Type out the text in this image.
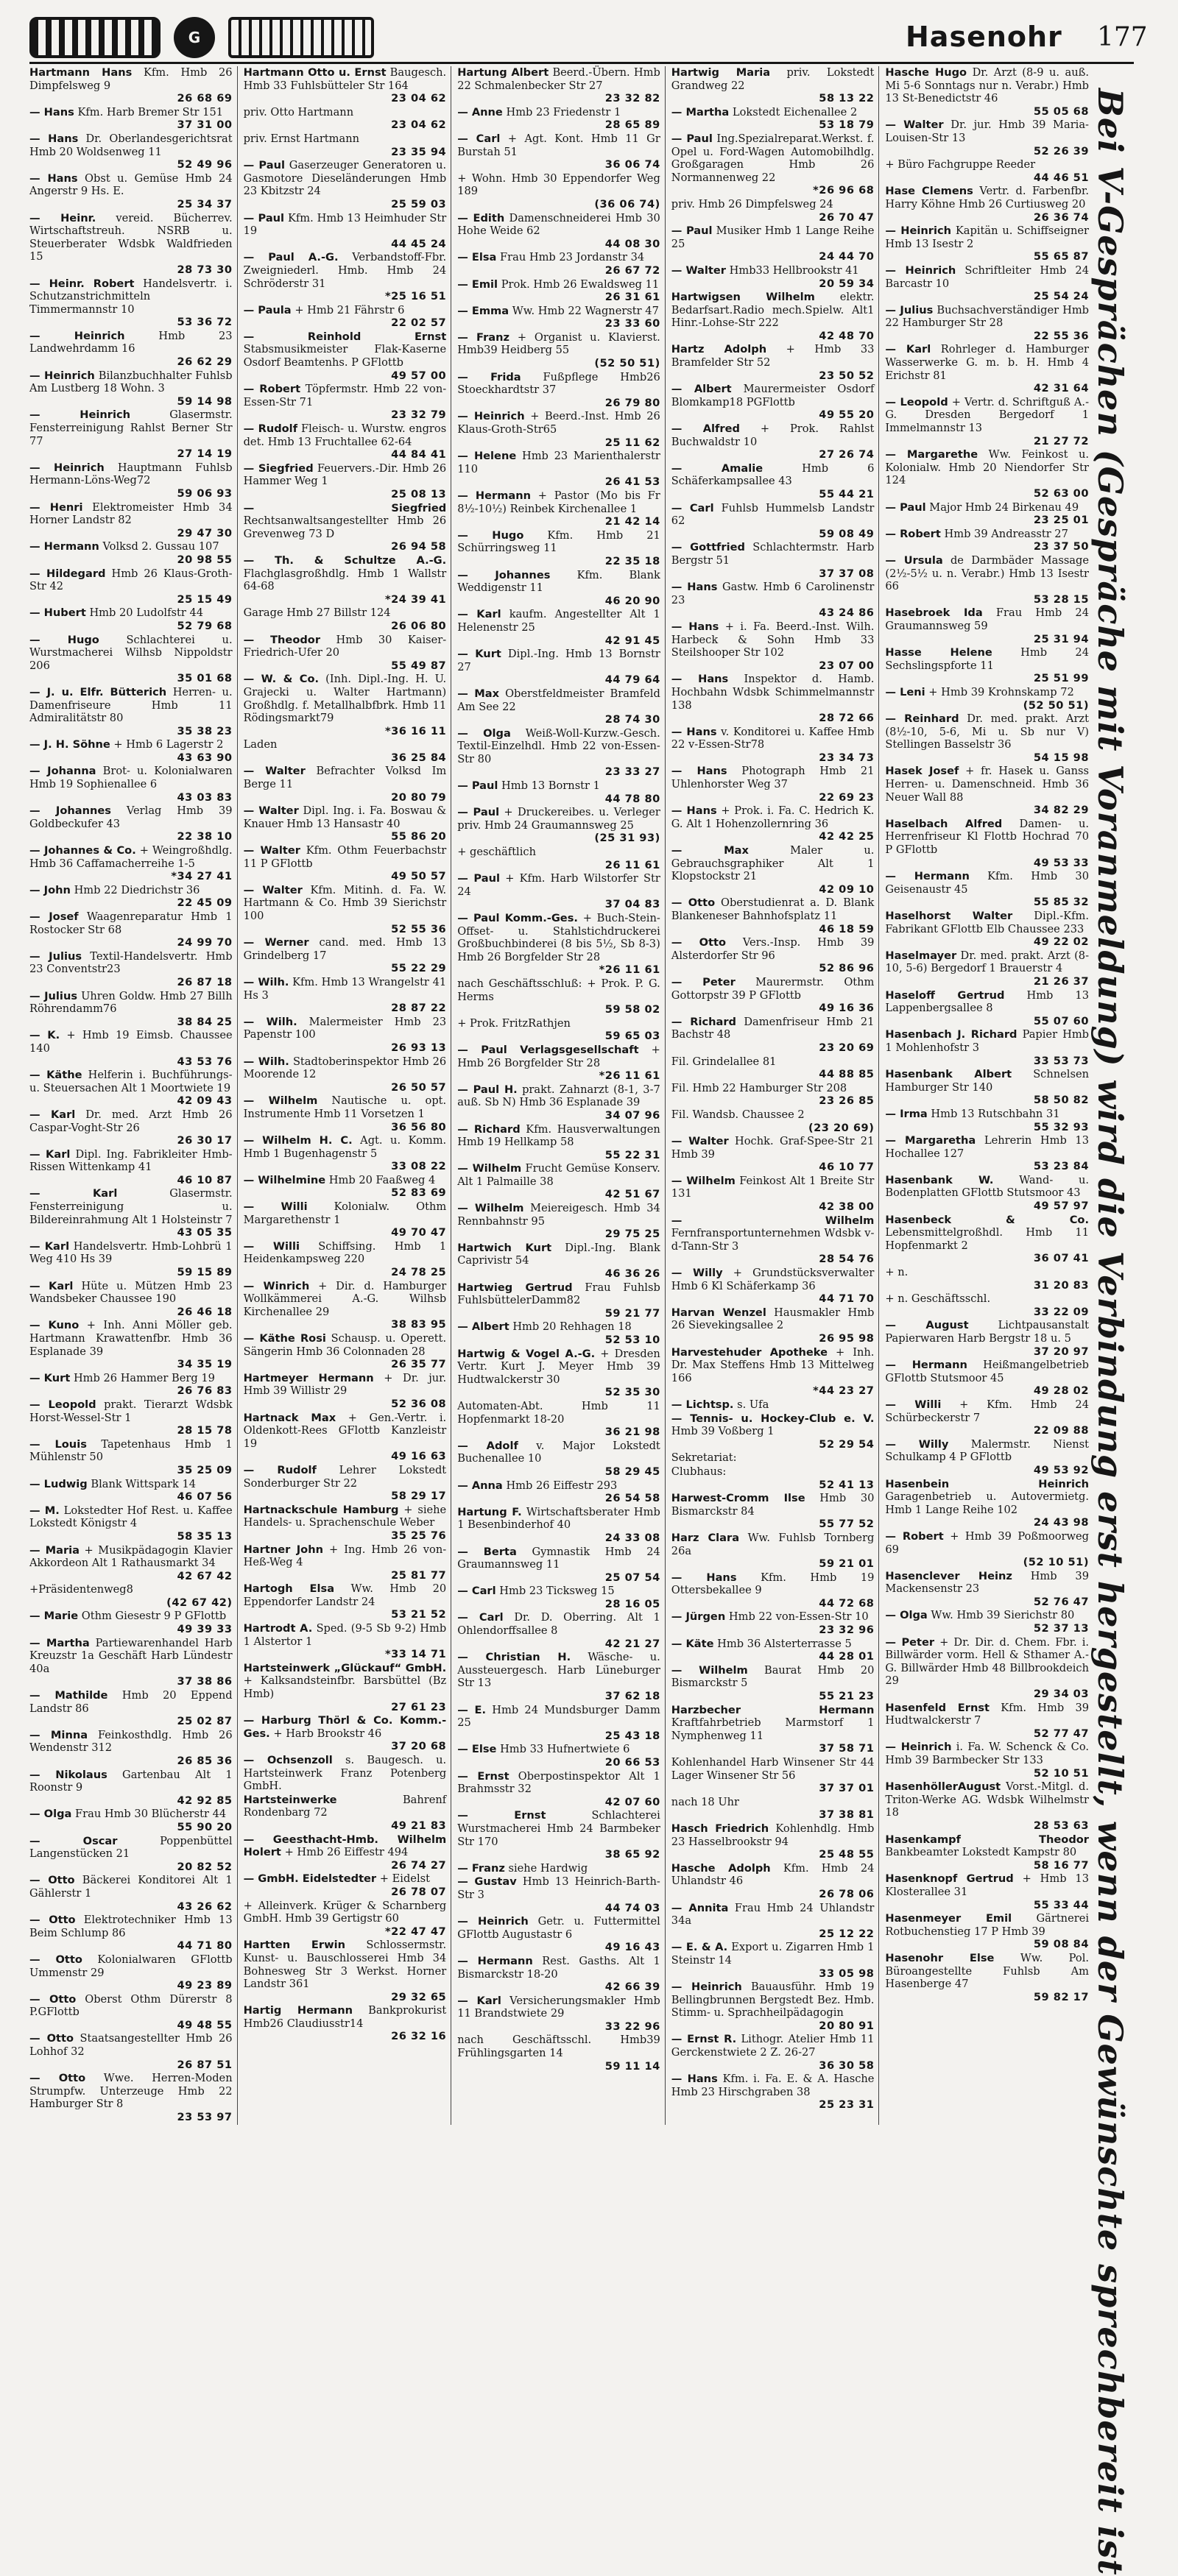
G	Hasenohr 177
Hartmann Hans Kfm. Hmb 26 Dimpfelsweg 9
26 68 69
— Hans Kfm. Harb Bremer Str 151
37 31 00
— Hans Dr. Oberlandesgerichtsrat Hmb 20 Woldsenweg 11
52 49 96
— Hans Obst u. Gemüse Hmb 24 Angerstr 9 Hs. E.
25 34 37
— Heinr. vereid. Bücherrev. Wirtschaftstreuh. NSRB u. Steuerberater Wdsbk Waldfrieden 15
28 73 30
— Heinr. Robert Handelsvertr. i. Schutzanstrichmitteln Timmermannstr 10
53 36 72
— Heinrich	Hmb 23 Landwehrdamm 16
26 62 29
— Heinrich Bilanzbuchhalter Fuhlsb Am Lustberg 18 Wohn. 3
59 14 98
— Heinrich	Glasermstr. Fensterreinigung Rahlst Berner Str 77
27 14 19
— Heinrich Hauptmann Fuhlsb Hermann-Löns-Weg72
59 06 93
— Henri Elektromeister Hmb 34 Horner Landstr 82
29 47 30
— Hermann Volksd 2. Gussau 107
20 98 55
— Hildegard Hmb 26 Klaus-Groth-Str 42
25 15 49
— Hubert Hmb 20 Ludolfstr 44
52 79 68
— Hugo	Schlachterei u. Wurstmacherei Wilhsb Nippoldstr 206
35 01 68
— J. u. Elfr. Bütterich Herren- u. Damenfriseure Hmb 11 Admiralitätstr 80
35 38 23
— J. H. Söhne + Hmb 6 Lagerstr 2
43 63 90
— Johanna Brot- u. Kolonialwaren Hmb 19 Sophienallee 6
43 03 83
— Johannes Verlag Hmb 39 Goldbeckufer 43
22 38 10
— Johannes & Co. + Weingroßhdlg. Hmb 36 Caffamacherreihe 1-5
*34 27 41
— John Hmb 22 Diedrichstr 36
22 45 09
— Josef Waagenreparatur Hmb 1 Rostocker Str 68
24 99 70
— Julius Textil-Handelsvertr. Hmb 23 Conventstr23
26 87 18
— Julius Uhren Goldw. Hmb 27 Billh Röhrendamm76
38 84 25
— K. + Hmb 19 Eimsb. Chaussee 140
43 53 76
— Käthe Helferin i. Buchführungs- u. Steuersachen Alt 1 Moortwiete 19
42 09 43
— Karl Dr. med. Arzt Hmb 26 Caspar-Voght-Str 26
26 30 17
— Karl Dipl. Ing. Fabrikleiter Hmb-Rissen Wittenkamp 41
46 10 87
— Karl	Glasermstr. Fensterreinigung u. Bildereinrahmung Alt 1 Holsteinstr 7
43 05 35
— Karl Handelsvertr. Hmb-Lohbrü 1 Weg 410 Hs 39
59 15 89
— Karl Hüte u. Mützen Hmb 23 Wandsbeker Chaussee 190
26 46 18
— Kuno + Inh. Anni Möller geb. Hartmann Krawattenfbr. Hmb 36 Esplanade 39
34 35 19
— Kurt Hmb 26 Hammer Berg 19
26 76 83
— Leopold prakt. Tierarzt Wdsbk Horst-Wessel-Str 1
28 15 78
— Louis Tapetenhaus Hmb 1 Mühlenstr 50
35 25 09
— Ludwig Blank Wittspark 14
46 07 56
— M. Lokstedter Hof Rest. u. Kaffee Lokstedt Königstr 4
58 35 13
— Maria + Musikpädagogin Klavier Akkordeon Alt 1 Rathausmarkt 34
42 67 42
+Präsidentenweg8
(42 67 42)
— Marie Othm Giesestr 9 P GFlottb
49 39 33
— Martha Partiewarenhandel Harb Kreuzstr 1a Geschäft Harb Lündestr 40a
37 38 86
— Mathilde Hmb 20 Eppend Landstr 86
25 02 87
— Minna Feinkosthdlg. Hmb 26 Wendenstr 312
26 85 36
— Nikolaus Gartenbau Alt 1 Roonstr 9
42 92 85
— Olga Frau Hmb 30 Blücherstr 44
55 90 20
— Oscar	Poppenbüttel Langenstücken 21
20 82 52
— Otto Bäckerei Konditorei Alt 1 Gählerstr 1
43 26 62
— Otto Elektrotechniker Hmb 13 Beim Schlump 86
44 71 80
— Otto Kolonialwaren GFlottb Ummenstr 29
49 23 89
— Otto Oberst Othm Dürerstr 8 P.GFlottb
49 48 55
— Otto Staatsangestellter Hmb 26 Lohhof 32
26 87 51
— Otto Wwe. Herren-Moden Strumpfw. Unterzeuge Hmb 22 Hamburger Str 8
23 53 97
Hartmann Otto u. Ernst Baugesch. Hmb 33 Fuhlsbütteler Str 164
23 04 62
priv. Otto Hartmann
23 04 62
priv. Ernst Hartmann
23 35 94
— Paul Gaserzeuger Generatoren u. Gasmotore Dieseländerungen Hmb 23 Kbitzstr 24
25 59 03
— Paul Kfm. Hmb 13 Heimhuder Str 19
44 45 24
— Paul A.-G. Verbandstoff-Fbr. Zweigniederl. Hmb. Hmb 24 Schröderstr 31
*25 16 51
— Paula + Hmb 21 Fährstr 6
22 02 57
— Reinhold Ernst Stabsmusikmeister Flak-Kaserne Osdorf Beamtenhs. P GFlottb
49 57 00
— Robert Töpfermstr. Hmb 22 von-Essen-Str 71
23 32 79
— Rudolf Fleisch- u. Wurstw. engros det. Hmb 13 Fruchtallee 62-64
44 84 41
— Siegfried Feuervers.-Dir. Hmb 26 Hammer Weg 1
25 08 13
— Siegfried Rechtsanwaltsangestellter Hmb 26 Grevenweg 73 D
26 94 58
— Th. & Schultze A.-G. Flachglasgroßhdlg. Hmb 1 Wallstr 64-68
*24 39 41
Garage Hmb 27 Billstr 124
26 06 80
— Theodor Hmb 30 Kaiser-Friedrich-Ufer 20
55 49 87
— W. & Co. (Inh. Dipl.-Ing. H. U. Grajecki u. Walter Hartmann) Großhdlg. f. Metallhalbfbrk. Hmb 11 Rödingsmarkt79
*36 16 11
Laden
36 25 84
— Walter Befrachter Volksd Im Berge 11
20 80 79
— Walter Dipl. Ing. i. Fa. Boswau & Knauer Hmb 13 Hansastr 40
55 86 20
— Walter Kfm. Othm Feuerbachstr 11 P GFlottb
49 50 57
— Walter Kfm. Mitinh. d. Fa. W. Hartmann & Co. Hmb 39 Sierichstr 100
52 55 36
— Werner cand. med. Hmb 13 Grindelberg 17
55 22 29
— Wilh. Kfm. Hmb 13 Wrangelstr 41 Hs 3
28 87 22
— Wilh. Malermeister Hmb 23 Papenstr 100
26 93 13
— Wilh. Stadtoberinspektor Hmb 26 Moorende 12
26 50 57
— Wilhelm Nautische u. opt. Instrumente Hmb 11 Vorsetzen 1
36 56 80
— Wilhelm H. C. Agt. u. Komm. Hmb 1 Bugenhagenstr 5
33 08 22
— Wilhelmine Hmb 20 Faaßweg 4
52 83 69
— Willi Kolonialw. Othm Margarethenstr 1
49 70 47
— Willi Schiffsing. Hmb 1 Heidenkampsweg 220
24 78 25
— Winrich + Dir. d. Hamburger Wollkämmerei A.-G. Wilhsb Kirchenallee 29
38 83 95
— Käthe Rosi Schausp. u. Operett. Sängerin Hmb 36 Colonnaden 28
26 35 77
Hartmeyer Hermann + Dr. jur. Hmb 39 Willistr 29
52 36 08
Hartnack Max + Gen.-Vertr. i. Oldenkott-Rees GFlottb Kanzleistr 19
49 16 63
— Rudolf Lehrer Lokstedt Sonderburger Str 22
58 29 17
Hartnackschule Hamburg + siehe Handels- u. Sprachenschule Weber
35 25 76
Hartner John + Ing. Hmb 26 von-Heß-Weg 4
25 81 77
Hartogh Elsa Ww. Hmb 20 Eppendorfer Landstr 24
53 21 52
Hartrodt A. Sped. (9-5 Sb 9-2) Hmb 1 Alstertor 1
*33 14 71
Hartsteinwerk „Glückauf“ GmbH. + Kalksandsteinfbr. Barsbüttel (Bz Hmb)
27 61 23
— Harburg Thörl & Co. Komm.-Ges. + Harb Brookstr 46
37 20 68
— Ochsenzoll s. Baugesch. u. Hartsteinwerk Franz Potenberg GmbH.
Hartsteinwerke	Bahrenf Rondenbarg 72
49 21 83
— Geesthacht-Hmb. Wilhelm Holert + Hmb 26 Eiffestr 494
26 74 27
— GmbH. Eidelstedter + Eidelst
26 78 07
+ Alleinverk. Krüger & Scharnberg GmbH. Hmb 39 Gertigstr 60
*22 47 47
Hartten Erwin Schlossermstr. Kunst- u. Bauschlosserei Hmb 34 Bohnesweg Str 3 Werkst. Horner Landstr 361
29 32 65
Hartig Hermann Bankprokurist Hmb26 Claudiusstr14
26 32 16
Hartung Albert Beerd.-Übern. Hmb 22 Schmalenbecker Str 27
23 32 82
— Anne Hmb 23 Friedenstr 1
28 65 89
— Carl + Agt. Kont. Hmb 11 Gr Burstah 51
36 06 74
+ Wohn. Hmb 30 Eppendorfer Weg 189
(36 06 74)
— Edith Damenschneiderei Hmb 30 Hohe Weide 62
44 08 30
— Elsa Frau Hmb 23 Jordanstr 34
26 67 72
— Emil Prok. Hmb 26 Ewaldsweg 11
26 31 61
— Emma Ww. Hmb 22 Wagnerstr 47
23 33 60
— Franz + Organist u. Klavierst. Hmb39 Heidberg 55
(52 50 51)
— Frida Fußpflege Hmb26 Stoeckhardtstr 37
26 79 80
— Heinrich + Beerd.-Inst. Hmb 26 Klaus-Groth-Str65
25 11 62
— Helene Hmb 23 Marienthalerstr 110
26 41 53
— Hermann + Pastor (Mo bis Fr 8½-10½) Reinbek Kirchenallee 1
21 42 14
— Hugo Kfm. Hmb 21 Schürringsweg 11
22 35 18
— Johannes Kfm. Blank Weddigenstr 11
46 20 90
— Karl kaufm. Angestellter Alt 1 Helenenstr 25
42 91 45
— Kurt Dipl.-Ing. Hmb 13 Bornstr 27
44 79 64
— Max Oberstfeldmeister Bramfeld Am See 22
28 74 30
— Olga Weiß-Woll-Kurzw.-Gesch. Textil-Einzelhdl. Hmb 22 von-Essen-Str 80
23 33 27
— Paul Hmb 13 Bornstr 1
44 78 80
— Paul + Druckereibes. u. Verleger priv. Hmb 24 Graumannsweg 25
(25 31 93)
+ geschäftlich
26 11 61
— Paul + Kfm. Harb Wilstorfer Str 24
37 04 83
— Paul Komm.-Ges. + Buch-Stein- Offset- u. Stahlstichdruckerei Großbuchbinderei (8 bis 5½, Sb 8-3) Hmb 26 Borgfelder Str 28
*26 11 61
nach Geschäftsschluß: + Prok. P. G. Herms
59 58 02
+ Prok. FritzRathjen
59 65 03
— Paul Verlagsgesellschaft + Hmb 26 Borgfelder Str 28
*26 11 61
— Paul H. prakt. Zahnarzt (8-1, 3-7 auß. Sb N) Hmb 36 Esplanade 39
34 07 96
— Richard Kfm. Hausverwaltungen Hmb 19 Hellkamp 58
55 22 31
— Wilhelm Frucht Gemüse Konserv. Alt 1 Palmaille 38
42 51 67
— Wilhelm Meiereigesch. Hmb 34 Rennbahnstr 95
29 75 25
Hartwich Kurt Dipl.-Ing. Blank Caprivistr 54
46 36 26
Hartwieg Gertrud Frau Fuhlsb FuhlsbüttelerDamm82
59 21 77
— Albert Hmb 20 Rehhagen 18
52 53 10
Hartwig & Vogel A.-G. + Dresden Vertr. Kurt J. Meyer Hmb 39 Hudtwalckerstr 30
52 35 30
Automaten-Abt. Hmb 11 Hopfenmarkt 18-20
36 21 98
— Adolf v. Major Lokstedt Buchenallee 10
58 29 45
— Anna Hmb 26 Eiffestr 293
26 54 58
Hartung F. Wirtschaftsberater Hmb 1 Besenbinderhof 40
24 33 08
— Berta Gymnastik Hmb 24 Graumannsweg 11
25 07 54
— Carl Hmb 23 Ticksweg 15
28 16 05
— Carl Dr. D. Oberring. Alt 1 Ohlendorffsallee 8
42 21 27
— Christian H. Wäsche- u. Aussteuergesch. Harb Lüneburger Str 13
37 62 18
— E. Hmb 24 Mundsburger Damm 25
25 43 18
— Else Hmb 33 Hufnertwiete 6
20 66 53
— Ernst Oberpostinspektor Alt 1 Brahmsstr 32
42 07 60
— Ernst	Schlachterei Wurstmacherei Hmb 24 Barmbeker Str 170
38 65 92
— Franz siehe Hardwig
— Gustav Hmb 13 Heinrich-Barth-Str 3
44 74 03
— Heinrich Getr. u. Futtermittel GFlottb Augustastr 6
49 16 43
— Hermann Rest. Gasths. Alt 1 Bismarckstr 18-20
42 66 39
— Karl Versicherungsmakler Hmb 11 Brandstwiete 29
33 22 96
nach Geschäftsschl. Hmb39 Frühlingsgarten 14
59 11 14
Hartwig Maria priv. Lokstedt Grandweg 22
58 13 22
— Martha Lokstedt Eichenallee 2
53 18 79
— Paul Ing.Spezialreparat.Werkst. f. Opel u. Ford-Wagen Automobilhdlg. Großgaragen Hmb 26 Normannenweg 22
*26 96 68
priv. Hmb 26 Dimpfelsweg 24
26 70 47
— Paul Musiker Hmb 1 Lange Reihe 25
24 44 70
— Walter Hmb33 Hellbrookstr 41
20 59 34
Hartwigsen Wilhelm elektr. Bedarfsart.Radio mech.Spielw. Alt1 Hinr.-Lohse-Str 222
42 48 70
Hartz Adolph + Hmb 33 Bramfelder Str 52
23 50 52
— Albert Maurermeister Osdorf Blomkamp18 PGFlottb
49 55 20
— Alfred + Prok. Rahlst Buchwaldstr 10
27 26 74
— Amalie	Hmb 6 Schäferkampsallee 43
55 44 21
— Carl Fuhlsb Hummelsb Landstr 62
59 08 49
— Gottfried Schlachtermstr. Harb Bergstr 51
37 37 08
— Hans Gastw. Hmb 6 Carolinenstr 23
43 24 86
— Hans + i. Fa. Beerd.-Inst. Wilh. Harbeck & Sohn Hmb 33 Steilshooper Str 102
23 07 00
— Hans Inspektor d. Hamb. Hochbahn Wdsbk Schimmelmannstr 138
28 72 66
— Hans v. Konditorei u. Kaffee Hmb 22 v-Essen-Str78
23 34 73
— Hans Photograph Hmb 21 Uhlenhorster Weg 37
22 69 23
— Hans + Prok. i. Fa. C. Hedrich K. G. Alt 1 Hohenzollernring 36
42 42 25
— Max	Maler u. Gebrauchsgraphiker Alt 1 Klopstockstr 21
42 09 10
— Otto Oberstudienrat a. D. Blank Blankeneser Bahnhofsplatz 11
46 18 59
— Otto Vers.-Insp. Hmb 39 Alsterdorfer Str 96
52 86 96
— Peter Maurermstr. Othm Gottorpstr 39 P GFlottb
49 16 36
— Richard Damenfriseur Hmb 21 Bachstr 48
23 20 69
Fil. Grindelallee 81
44 88 85
Fil. Hmb 22 Hamburger Str 208
23 26 85
Fil. Wandsb. Chaussee 2
(23 20 69)
— Walter Hochk. Graf-Spee-Str 21 Hmb 39
46 10 77
— Wilhelm Feinkost Alt 1 Breite Str 131
42 38 00
— Wilhelm Fernfransportunternehmen Wdsbk v-d-Tann-Str 3
28 54 76
— Willy + Grundstücksverwalter Hmb 6 Kl Schäferkamp 36
44 71 70
Harvan Wenzel Hausmakler Hmb 26 Sievekingsallee 2
26 95 98
Harvestehuder Apotheke + Inh. Dr. Max Steffens Hmb 13 Mittelweg 166
*44 23 27
— Lichtsp. s. Ufa
— Tennis- u. Hockey-Club e. V. Hmb 39 Voßberg 1
52 29 54
Sekretariat:
Clubhaus:
52 41 13
Harwest-Cromm Ilse Hmb 30 Bismarckstr 84
55 77 52
Harz Clara Ww. Fuhlsb Tornberg 26a
59 21 01
— Hans Kfm. Hmb 19 Ottersbekallee 9
44 72 68
— Jürgen Hmb 22 von-Essen-Str 10
23 32 96
— Käte Hmb 36 Alsterterrasse 5
44 28 01
— Wilhelm Baurat Hmb 20 Bismarckstr 5
55 21 23
Harzbecher Hermann Kraftfahrbetrieb Marmstorf 1 Nymphenweg 11
37 58 71
Kohlenhandel Harb Winsener Str 44 Lager Winsener Str 56
37 37 01
nach 18 Uhr
37 38 81
Hasch Friedrich Kohlenhdlg. Hmb 23 Hasselbrookstr 94
25 48 55
Hasche Adolph Kfm. Hmb 24 Uhlandstr 46
26 78 06
— Annita Frau Hmb 24 Uhlandstr 34a
25 12 22
— E. & A. Export u. Zigarren Hmb 1 Steinstr 14
33 05 98
— Heinrich Bauausführ. Hmb 19 Bellingbrunnen Bergstedt Bez. Hmb. Stimm- u. Sprachheilpädagogin
20 80 91
— Ernst R. Lithogr. Atelier Hmb 11 Gerckenstwiete 2 Z. 26-27
36 30 58
— Hans Kfm. i. Fa. E. & A. Hasche Hmb 23 Hirschgraben 38
25 23 31
Hasche Hugo Dr. Arzt (8-9 u. auß. Mi 5-6 Sonntags nur n. Verabr.) Hmb 13 St-Benedictstr 46
55 05 68
— Walter Dr. jur. Hmb 39 Maria-Louisen-Str 13
52 26 39
+ Büro Fachgruppe Reeder
44 46 51
Hase Clemens Vertr. d. Farbenfbr. Harry Köhne Hmb 26 Curtiusweg 20
26 36 74
— Heinrich Kapitän u. Schiffseigner Hmb 13 Isestr 2
55 65 87
— Heinrich Schriftleiter Hmb 24 Barcastr 10
25 54 24
— Julius Buchsachverständiger Hmb 22 Hamburger Str 28
22 55 36
— Karl Rohrleger d. Hamburger Wasserwerke G. m. b. H. Hmb 4 Erichstr 81
42 31 64
— Leopold + Vertr. d. Schriftguß A.-G. Dresden Bergedorf 1 Immelmannstr 13
21 27 72
— Margarethe Ww. Feinkost u. Kolonialw. Hmb 20 Niendorfer Str 124
52 63 00
— Paul Major Hmb 24 Birkenau 49
23 25 01
— Robert Hmb 39 Andreasstr 27
23 37 50
— Ursula de Darmbäder Massage (2½-5½ u. n. Verabr.) Hmb 13 Isestr 66
53 28 15
Hasebroek Ida Frau Hmb 24 Graumannsweg 59
25 31 94
Hasse Helene	Hmb 24 Sechslingspforte 11
25 51 99
— Leni + Hmb 39 Krohnskamp 72
(52 50 51)
— Reinhard Dr. med. prakt. Arzt (8½-10, 5-6, Mi u. Sb nur V) Stellingen Basselstr 36
54 15 98
Hasek Josef + fr. Hasek u. Ganss Herren- u. Damenschneid. Hmb 36 Neuer Wall 88
34 82 29
Haselbach Alfred Damen- u. Herrenfriseur Kl Flottb Hochrad 70 P GFlottb
49 53 33
— Hermann Kfm. Hmb 30 Geisenaustr 45
55 85 32
Haselhorst Walter Dipl.-Kfm. Fabrikant GFlottb Elb Chaussee 233
49 22 02
Haselmayer Dr. med. prakt. Arzt (8-10, 5-6) Bergedorf 1 Brauerstr 4
21 26 37
Haseloff Gertrud Hmb 13 Lappenbergsallee 8
55 07 60
Hasenbach J. Richard Papier Hmb 1 Mohlenhofstr 3
33 53 73
Hasenbank Albert Schnelsen Hamburger Str 140
58 50 82
— Irma Hmb 13 Rutschbahn 31
55 32 93
— Margaretha Lehrerin Hmb 13 Hochallee 127
53 23 84
Hasenbank W. Wand- u. Bodenplatten GFlottb Stutsmoor 43
49 57 97
Hasenbeck & Co. Lebensmittelgroßhdl. Hmb 11 Hopfenmarkt 2
36 07 41
+ n.
31 20 83
+ n. Geschäftsschl.
33 22 09
— August	Lichtpausanstalt Papierwaren Harb Bergstr 18 u. 5
37 20 97
— Hermann Heißmangelbetrieb GFlottb Stutsmoor 45
49 28 02
— Willi + Kfm. Hmb 24 Schürbeckerstr 7
22 09 88
— Willy Malermstr. Nienst Schulkamp 4 P GFlottb
49 53 92
Hasenbein Heinrich Garagenbetrieb u. Autovermietg. Hmb 1 Lange Reihe 102
24 43 98
— Robert + Hmb 39 Poßmoorweg 69
(52 10 51)
Hasenclever Heinz Hmb 39 Mackensenstr 23
52 76 47
— Olga Ww. Hmb 39 Sierichstr 80
52 37 13
— Peter + Dr. Dir. d. Chem. Fbr. i. Billwärder vorm. Hell & Sthamer A.-G. Billwärder Hmb 48 Billbrookdeich 29
29 34 03
Hasenfeld Ernst Kfm. Hmb 39 Hudtwalckerstr 7
52 77 47
— Heinrich i. Fa. W. Schenck & Co. Hmb 39 Barmbecker Str 133
52 10 51
HasenhöllerAugust Vorst.-Mitgl. d. Triton-Werke AG. Wdsbk Wilhelmstr 18
28 53 63
Hasenkampf Theodor Bankbeamter Lokstedt Kampstr 80
58 16 77
Hasenknopf Gertrud + Hmb 13 Klosterallee 31
55 33 44
Hasenmeyer Emil Gärtnerei Rotbuchenstieg 17 P Hmb 39
59 08 84
Hasenohr Else Ww. Pol. Büroangestellte Fuhlsb Am Hasenberge 47
59 82 17 Bei V-Gesprächen (Gespräche mit Voranmeldung) wird die Verbindung erst hergestellt, wenn der Gewünschte sprechbereit ist
